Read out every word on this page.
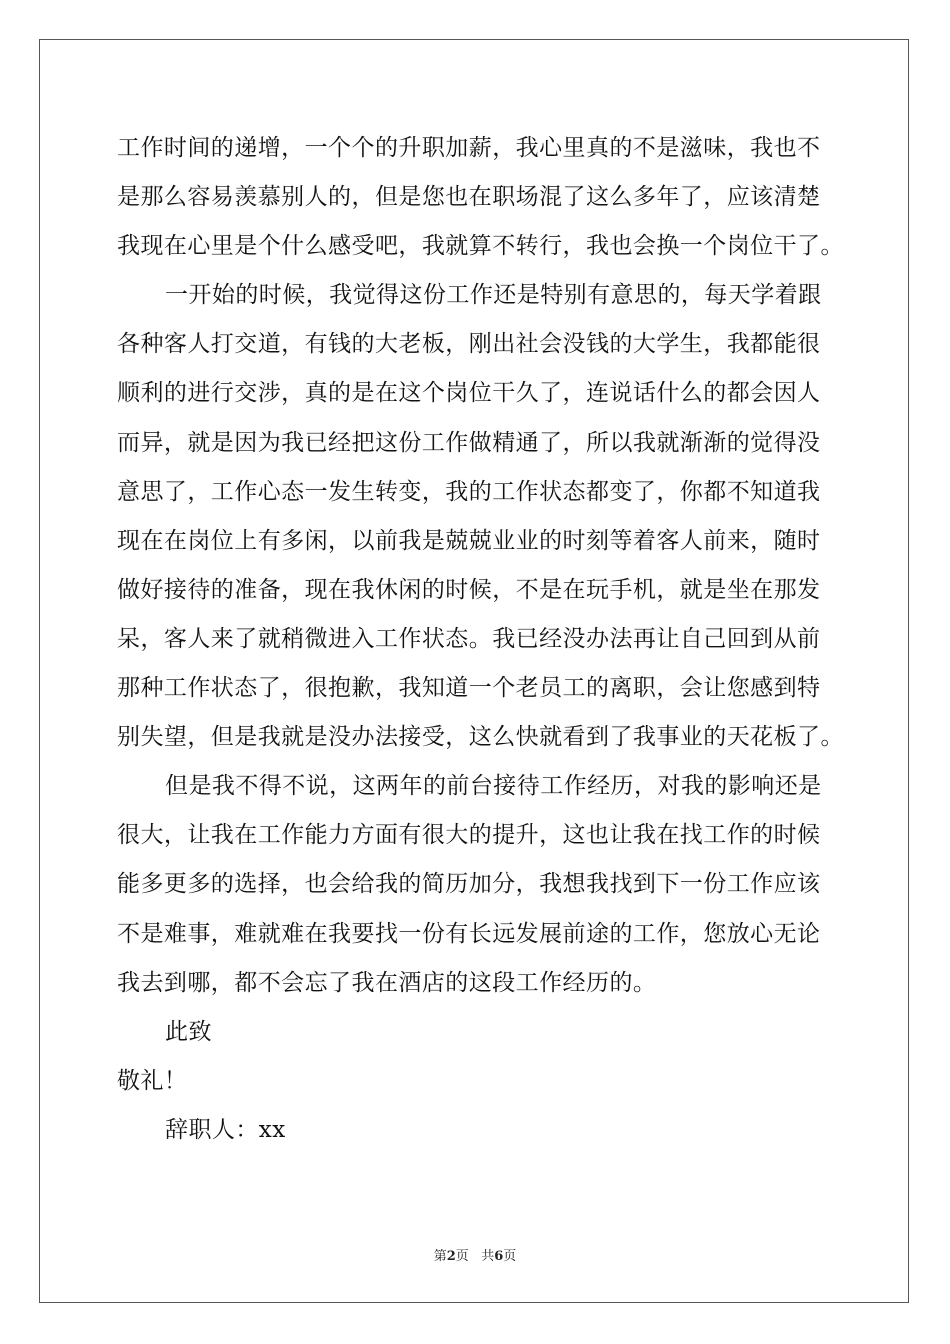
工作时间的递增，一个个的升职加薪，我心里真的不是滋味，我也不
是那么容易羡慕别人的，但是您也在职场混了这么多年了，应该清楚
我现在心里是个什么感受吧，我就算不转行，我也会换一个岗位干了。
一开始的时候，我觉得这份工作还是特别有意思的，每天学着跟
各种客人打交道，有钱的大老板，刚出社会没钱的大学生，我都能很
顺利的进行交涉，真的是在这个岗位干久了，连说话什么的都会因人
而异，就是因为我已经把这份工作做精通了，所以我就渐渐的觉得没
意思了，工作心态一发生转变，我的工作状态都变了，你都不知道我
现在在岗位上有多闲，以前我是兢兢业业的时刻等着客人前来，随时
做好接待的准备，现在我休闲的时候，不是在玩手机，就是坐在那发
呆，客人来了就稍微进入工作状态。我已经没办法再让自己回到从前
那种工作状态了，很抱歉，我知道一个老员工的离职，会让您感到特
别失望，但是我就是没办法接受，这么快就看到了我事业的天花板了。
但是我不得不说，这两年的前台接待工作经历，对我的影响还是
很大，让我在工作能力方面有很大的提升，这也让我在找工作的时候
能多更多的选择，也会给我的简历加分，我想我找到下一份工作应该
不是难事，难就难在我要找一份有长远发展前途的工作，您放心无论
我去到哪，都不会忘了我在酒店的这段工作经历的。
此致
敬礼！
辞职人：xx
第2页 共6页
